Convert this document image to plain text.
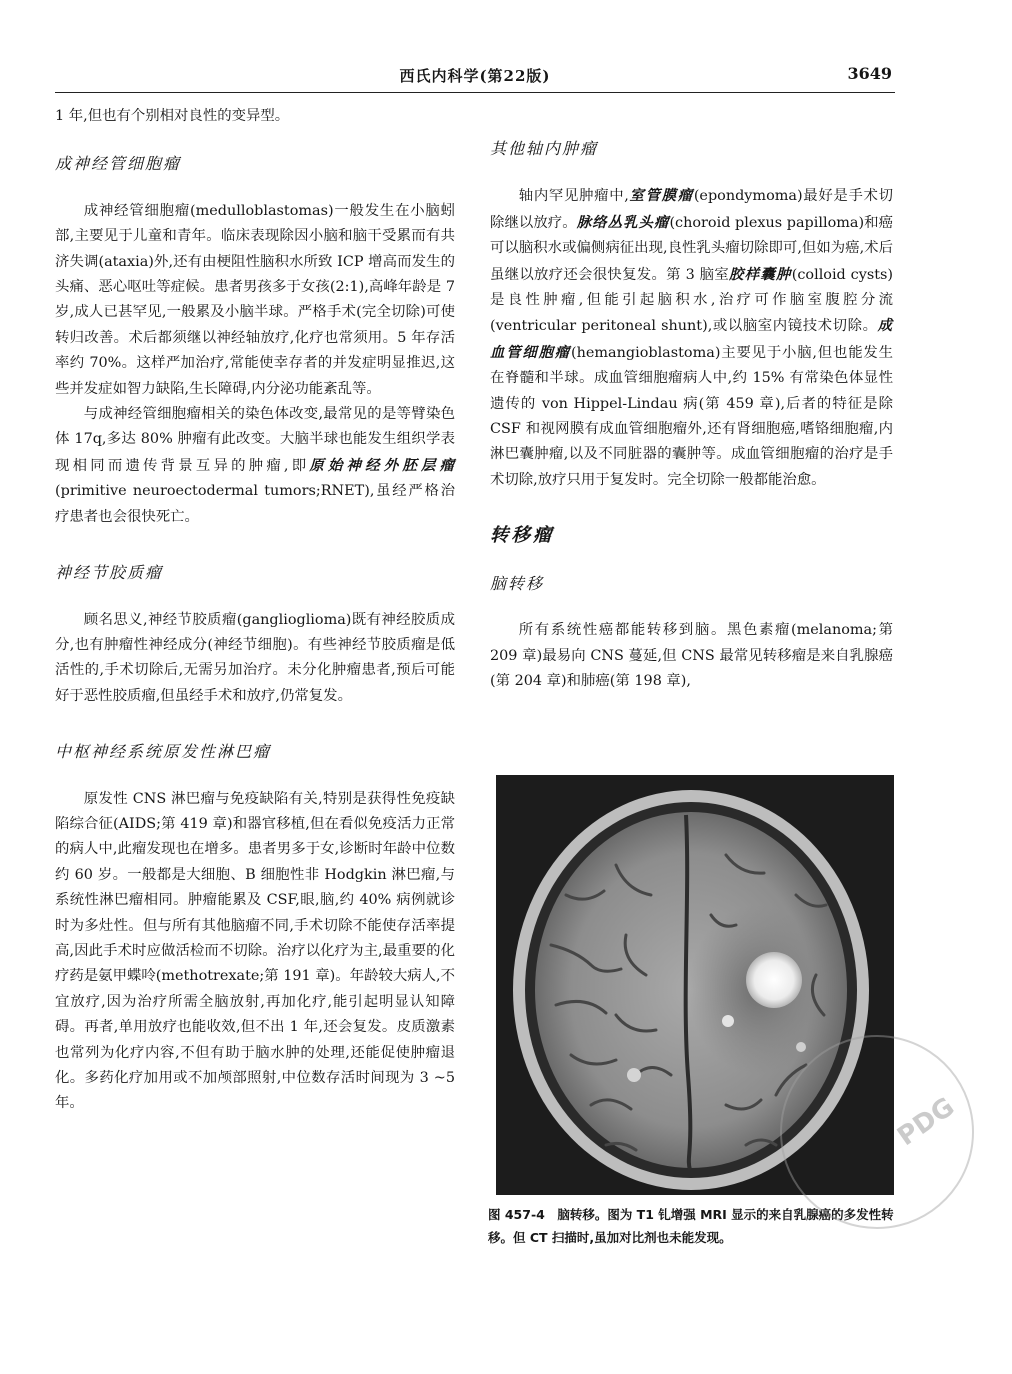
西氏内科学(第22版)	3649

1 年,但也有个别相对良性的变异型。

成神经管细胞瘤

成神经管细胞瘤(medulloblastomas)一般发生在小脑蚓部,主要见于儿童和青年。临床表现除因小脑和脑干受累而有共济失调(ataxia)外,还有由梗阻性脑积水所致 ICP 增高而发生的头痛、恶心呕吐等症候。患者男孩多于女孩(2:1),高峰年龄是 7 岁,成人已甚罕见,一般累及小脑半球。严格手术(完全切除)可使转归改善。术后都须继以神经轴放疗,化疗也常须用。5 年存活率约 70%。这样严加治疗,常能使幸存者的并发症明显推迟,这些并发症如智力缺陷,生长障碍,内分泌功能紊乱等。

与成神经管细胞瘤相关的染色体改变,最常见的是等臂染色体 17q,多达 80% 肿瘤有此改变。大脑半球也能发生组织学表现相同而遗传背景互异的肿瘤,即原始神经外胚层瘤(primitive neuroectodermal tumors;RNET),虽经严格治疗患者也会很快死亡。

神经节胶质瘤

顾名思义,神经节胶质瘤(ganglioglioma)既有神经胶质成分,也有肿瘤性神经成分(神经节细胞)。有些神经节胶质瘤是低活性的,手术切除后,无需另加治疗。未分化肿瘤患者,预后可能好于恶性胶质瘤,但虽经手术和放疗,仍常复发。

中枢神经系统原发性淋巴瘤

原发性 CNS 淋巴瘤与免疫缺陷有关,特别是获得性免疫缺陷综合征(AIDS;第 419 章)和器官移植,但在看似免疫活力正常的病人中,此瘤发现也在增多。患者男多于女,诊断时年龄中位数约 60 岁。一般都是大细胞、B 细胞性非 Hodgkin 淋巴瘤,与系统性淋巴瘤相同。肿瘤能累及 CSF,眼,脑,约 40% 病例就诊时为多灶性。但与所有其他脑瘤不同,手术切除不能使存活率提高,因此手术时应做活检而不切除。治疗以化疗为主,最重要的化疗药是氨甲蝶呤(methotrexate;第 191 章)。年龄较大病人,不宜放疗,因为治疗所需全脑放射,再加化疗,能引起明显认知障碍。再者,单用放疗也能收效,但不出 1 年,还会复发。皮质激素也常列为化疗内容,不但有助于脑水肿的处理,还能促使肿瘤退化。多药化疗加用或不加颅部照射,中位数存活时间现为 3 ~5 年。

其他轴内肿瘤

轴内罕见肿瘤中,室管膜瘤(epondymoma)最好是手术切除继以放疗。脉络丛乳头瘤(choroid plexus papilloma)和癌可以脑积水或偏侧病征出现,良性乳头瘤切除即可,但如为癌,术后虽继以放疗还会很快复发。第 3 脑室胶样囊肿(colloid cysts)是良性肿瘤,但能引起脑积水,治疗可作脑室腹腔分流(ventricular peritoneal shunt),或以脑室内镜技术切除。成血管细胞瘤(hemangioblastoma)主要见于小脑,但也能发生在脊髓和半球。成血管细胞瘤病人中,约 15% 有常染色体显性遗传的 von Hippel-Lindau 病(第 459 章),后者的特征是除 CSF 和视网膜有成血管细胞瘤外,还有肾细胞癌,嗜铬细胞瘤,内淋巴囊肿瘤,以及不同脏器的囊肿等。成血管细胞瘤的治疗是手术切除,放疗只用于复发时。完全切除一般都能治愈。

转移瘤
脑转移

所有系统性癌都能转移到脑。黑色素瘤(melanoma;第 209 章)最易向 CNS 蔓延,但 CNS 最常见转移瘤是来自乳腺癌(第 204 章)和肺癌(第 198 章),

图 457-4　脑转移。图为 T1 钆增强 MRI 显示的来自乳腺癌的多发性转移。但 CT 扫描时,虽加对比剂也未能发现。
PDG
